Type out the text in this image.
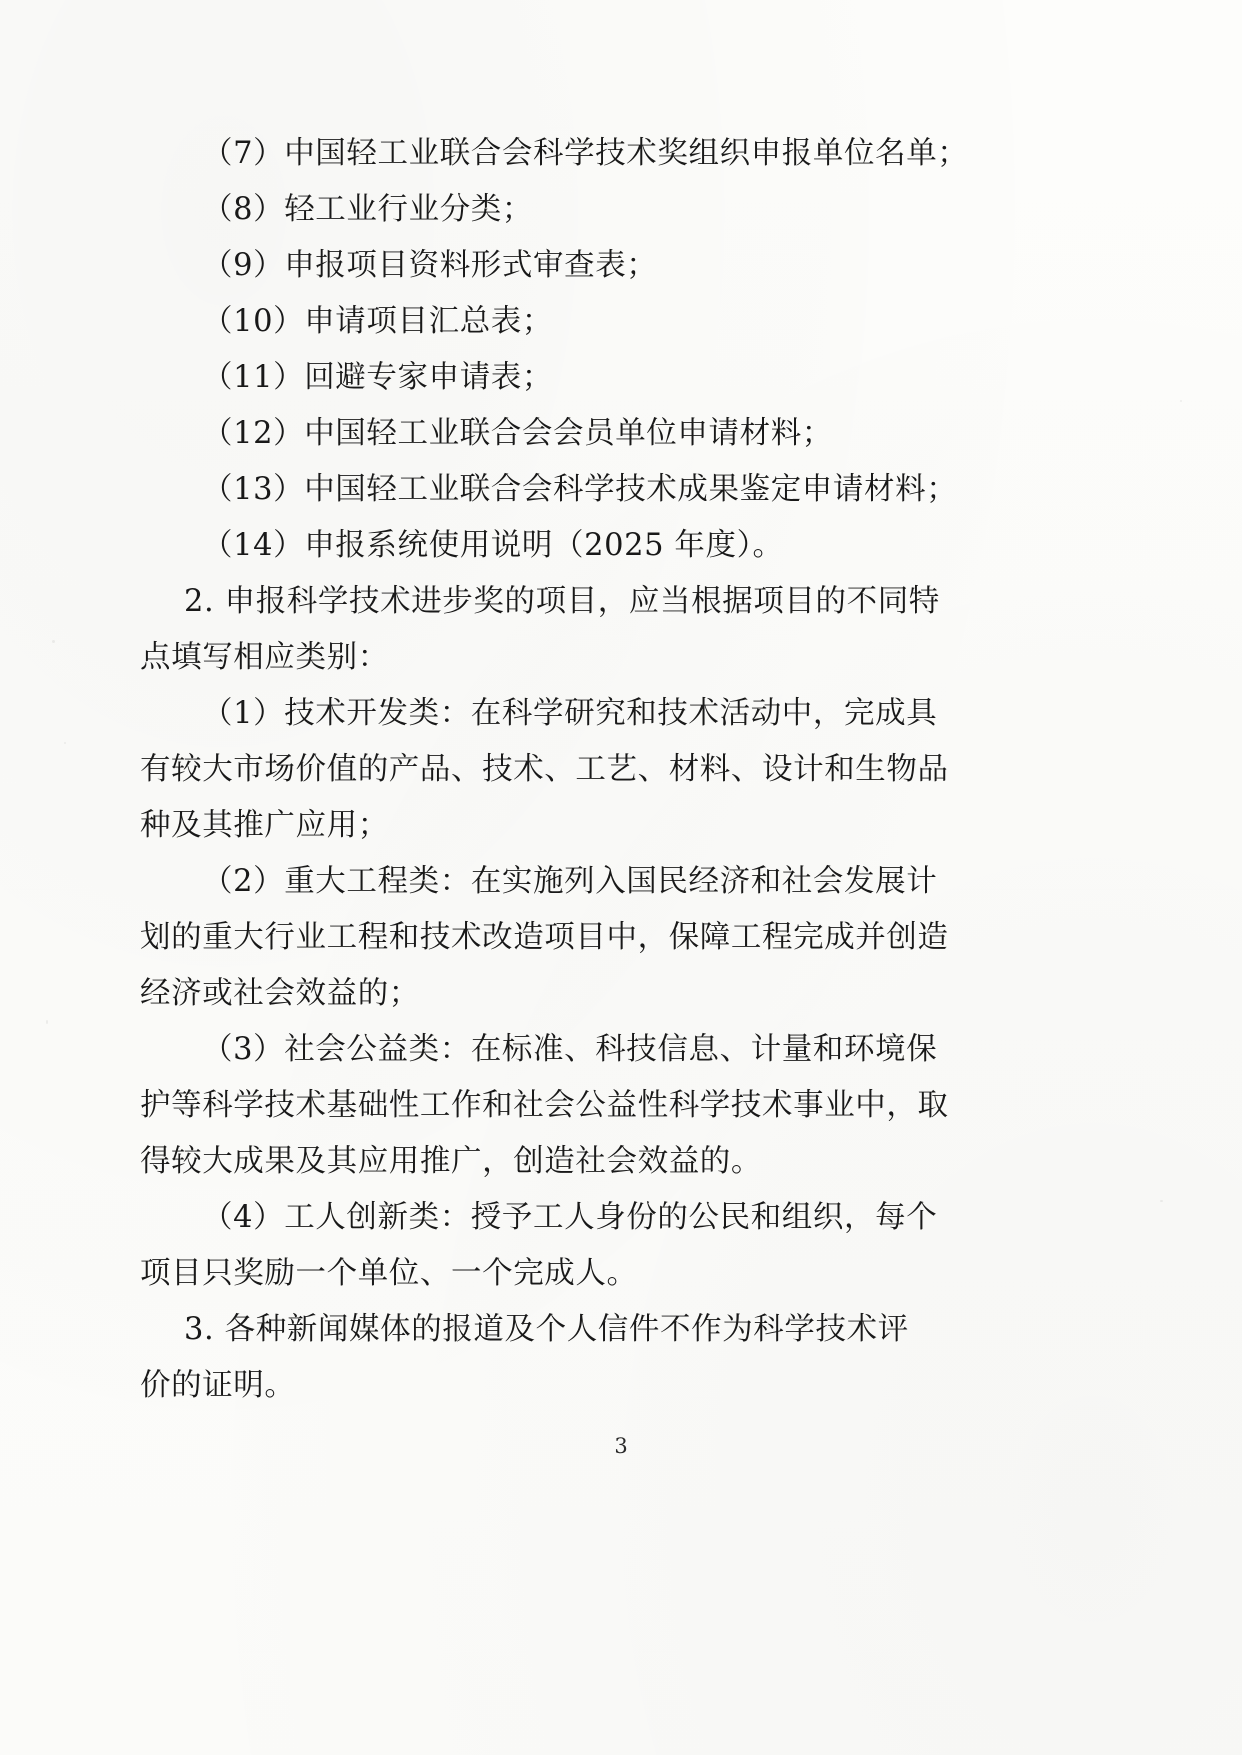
（7）中国轻工业联合会科学技术奖组织申报单位名单；
（8）轻工业行业分类；
（9）申报项目资料形式审查表；
（10）申请项目汇总表；
（11）回避专家申请表；
（12）中国轻工业联合会会员单位申请材料；
（13）中国轻工业联合会科学技术成果鉴定申请材料；
（14）申报系统使用说明（2025 年度）。
2. 申报科学技术进步奖的项目，应当根据项目的不同特
点填写相应类别：
（1）技术开发类：在科学研究和技术活动中，完成具
有较大市场价值的产品、技术、工艺、材料、设计和生物品
种及其推广应用；
（2）重大工程类：在实施列入国民经济和社会发展计
划的重大行业工程和技术改造项目中，保障工程完成并创造
经济或社会效益的；
（3）社会公益类：在标准、科技信息、计量和环境保
护等科学技术基础性工作和社会公益性科学技术事业中，取
得较大成果及其应用推广，创造社会效益的。
（4）工人创新类：授予工人身份的公民和组织，每个
项目只奖励一个单位、一个完成人。
3. 各种新闻媒体的报道及个人信件不作为科学技术评
价的证明。
3
